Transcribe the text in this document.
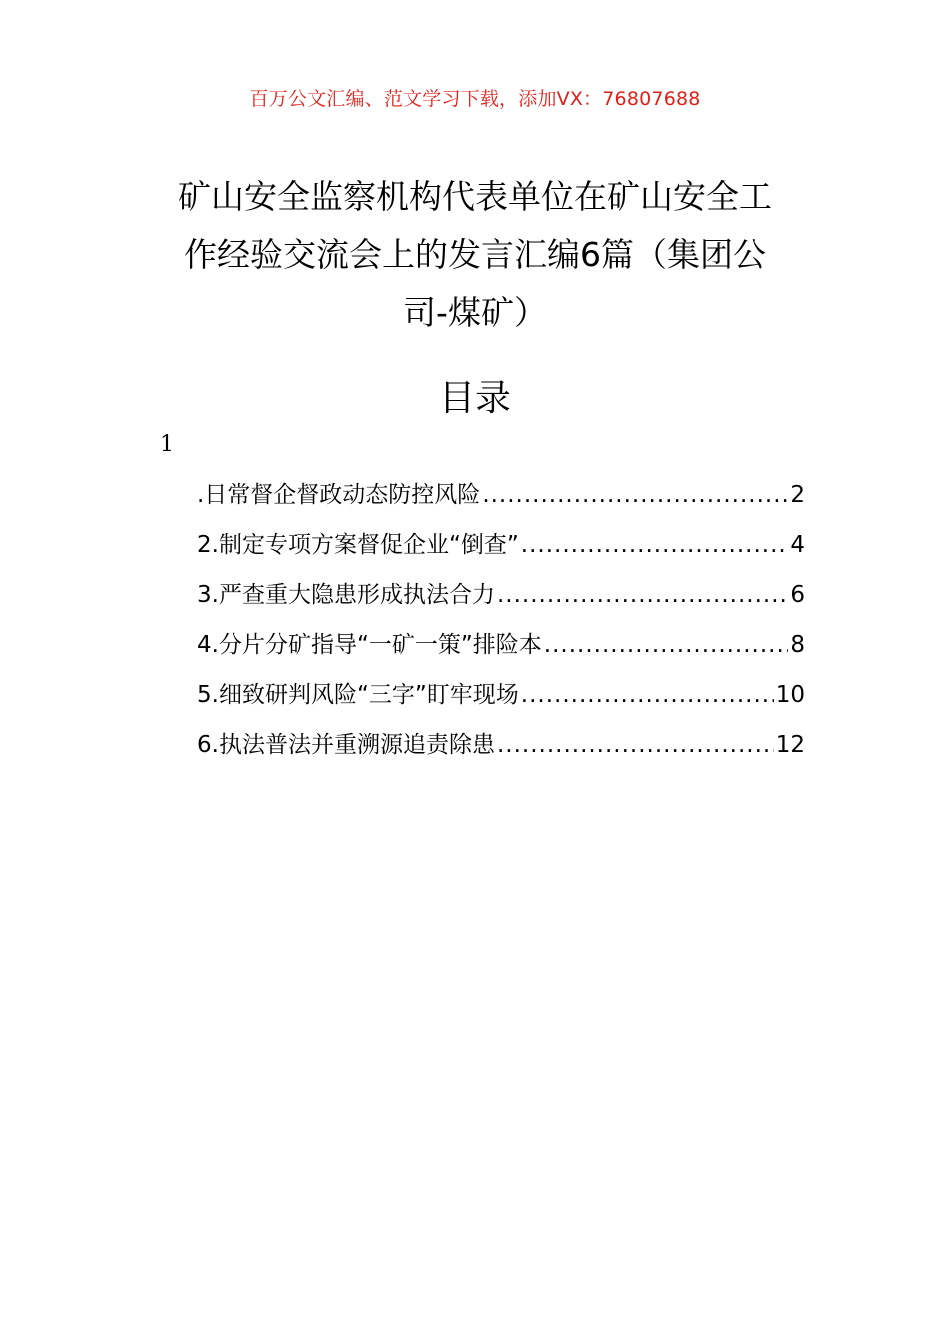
百万公文汇编、范文学习下载，添加VX：76807688
矿山安全监察机构代表单位在矿山安全工
作经验交流会上的发言汇编6篇（集团公
司-煤矿）
目录
1
.日常督企督政动态防控风险 .....	2
2.制定专项方案督促企业“倒查” .....	4
3.严查重大隐患形成执法合力 .....	6
4.分片分矿指导“一矿一策”排险本 .....	8
5.细致研判风险“三字”盯牢现场 .....	10
6.执法普法并重溯源追责除患 .....	12
